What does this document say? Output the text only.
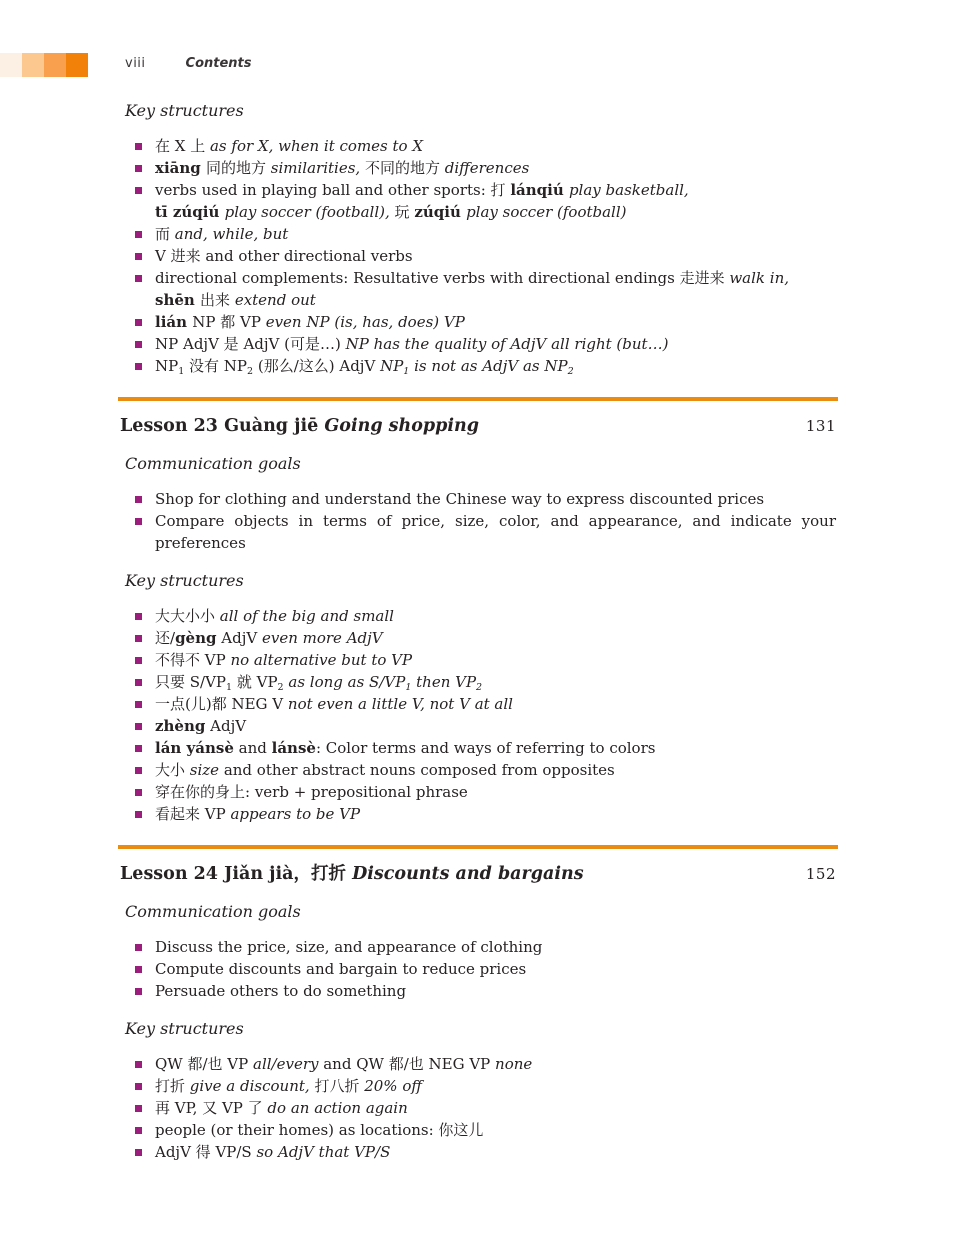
viii	Contents
Key structures
在 X 上 as for X, when it comes to X
xiāng 同的地方 similarities, 不同的地方 differences
verbs used in playing ball and other sports: 打 lánqiú play basketball,
tī zúqiú play soccer (football), 玩 zúqiú play soccer (football)
而 and, while, but
V 进来 and other directional verbs
directional complements: Resultative verbs with directional endings 走进来 walk in,
shēn 出来 extend out
lián NP 都 VP even NP (is, has, does) VP
NP AdjV 是 AdjV (可是…) NP has the quality of AdjV all right (but…)
$NP_1$ 没有 $NP_2$ (那么/这么) AdjV $NP_1$ is not as AdjV as $NP_2$
Lesson 23 Guàng jiē Going shopping	131
Communication goals
Shop for clothing and understand the Chinese way to express discounted prices
Compare objects in terms of price, size, color, and appearance, and indicate your preferences
Key structures
大大小小 all of the big and small
还/gèng AdjV even more AdjV
不得不 VP no alternative but to VP
只要 $S/VP_1$ 就 $VP_2$ as long as $S/VP_1$ then $VP_2$
一点(儿)都 NEG V not even a little V, not V at all
zhèng AdjV
lán yánsè and lánsè: Color terms and ways of referring to colors
大小 size and other abstract nouns composed from opposites
穿在你的身上: verb + prepositional phrase
看起来 VP appears to be VP
Lesson 24 Jiǎn jià，打折 Discounts and bargains	152
Communication goals
Discuss the price, size, and appearance of clothing
Compute discounts and bargain to reduce prices
Persuade others to do something
Key structures
QW 都/也 VP all/every and QW 都/也 NEG VP none
打折 give a discount, 打八折 20% off
再 VP, 又 VP 了 do an action again
people (or their homes) as locations: 你这儿
AdjV 得 VP/S so AdjV that VP/S
